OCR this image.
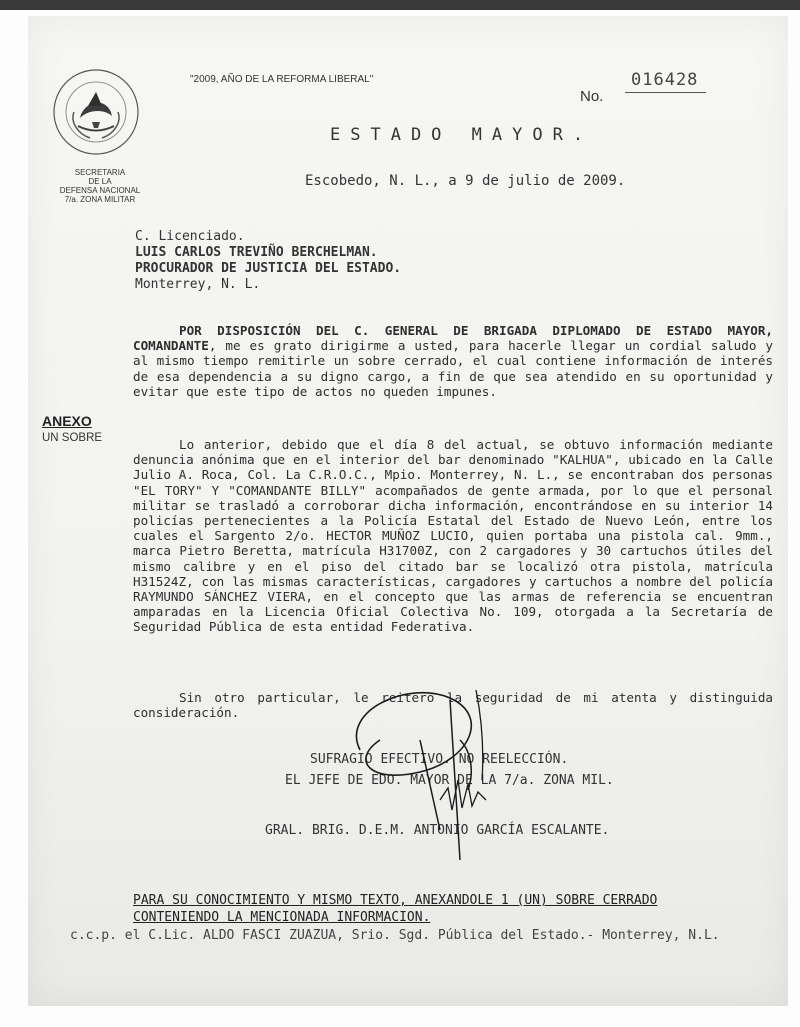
SECRETARIA
DE LA
DEFENSA NACIONAL
7/a. ZONA MILITAR
"2009, AÑO DE LA REFORMA LIBERAL"
No.
016428
ESTADO MAYOR.
Escobedo, N. L., a 9 de julio de 2009.
C. Licenciado.
LUIS CARLOS TREVIÑO BERCHELMAN.
PROCURADOR DE JUSTICIA DEL ESTADO.
Monterrey, N. L.
ANEXO
UN SOBRE
POR DISPOSICIÓN DEL C. GENERAL DE BRIGADA DIPLOMADO DE ESTADO MAYOR, COMANDANTE, me es grato dirigirme a usted, para hacerle llegar un cordial saludo y al mismo tiempo remitirle un sobre cerrado, el cual contiene información de interés de esa dependencia a su digno cargo, a fin de que sea atendido en su oportunidad y evitar que este tipo de actos no queden impunes.
Lo anterior, debido que el día 8 del actual, se obtuvo información mediante denuncia anónima que en el interior del bar denominado "KALHUA", ubicado en la Calle Julio A. Roca, Col. La C.R.O.C., Mpio. Monterrey, N. L., se encontraban dos personas "EL TORY" Y "COMANDANTE BILLY" acompañados de gente armada, por lo que el personal militar se trasladó a corroborar dicha información, encontrándose en su interior 14 policías pertenecientes a la Policía Estatal del Estado de Nuevo León, entre los cuales el Sargento 2/o. HECTOR MUÑOZ LUCIO, quien portaba una pistola cal. 9mm., marca Pietro Beretta, matrícula H31700Z, con 2 cargadores y 30 cartuchos útiles del mismo calibre y en el piso del citado bar se localizó otra pistola, matrícula H31524Z, con las mismas características, cargadores y cartuchos a nombre del policía RAYMUNDO SÁNCHEZ VIERA, en el concepto que las armas de referencia se encuentran amparadas en la Licencia Oficial Colectiva No. 109, otorgada a la Secretaría de Seguridad Pública de esta entidad Federativa.
Sin otro particular, le reitero la seguridad de mi atenta y distinguida consideración.
SUFRAGIO EFECTIVO. NO REELECCIÓN.
EL JEFE DE EDO. MAYOR DE LA 7/a. ZONA MIL.
GRAL. BRIG. D.E.M. ANTONIO GARCÍA ESCALANTE.
PARA SU CONOCIMIENTO Y MISMO TEXTO, ANEXANDOLE 1 (UN) SOBRE CERRADO
CONTENIENDO LA MENCIONADA INFORMACION.
c.c.p. el C.Lic. ALDO FASCI ZUAZUA, Srio. Sgd. Pública del Estado.- Monterrey, N.L.
